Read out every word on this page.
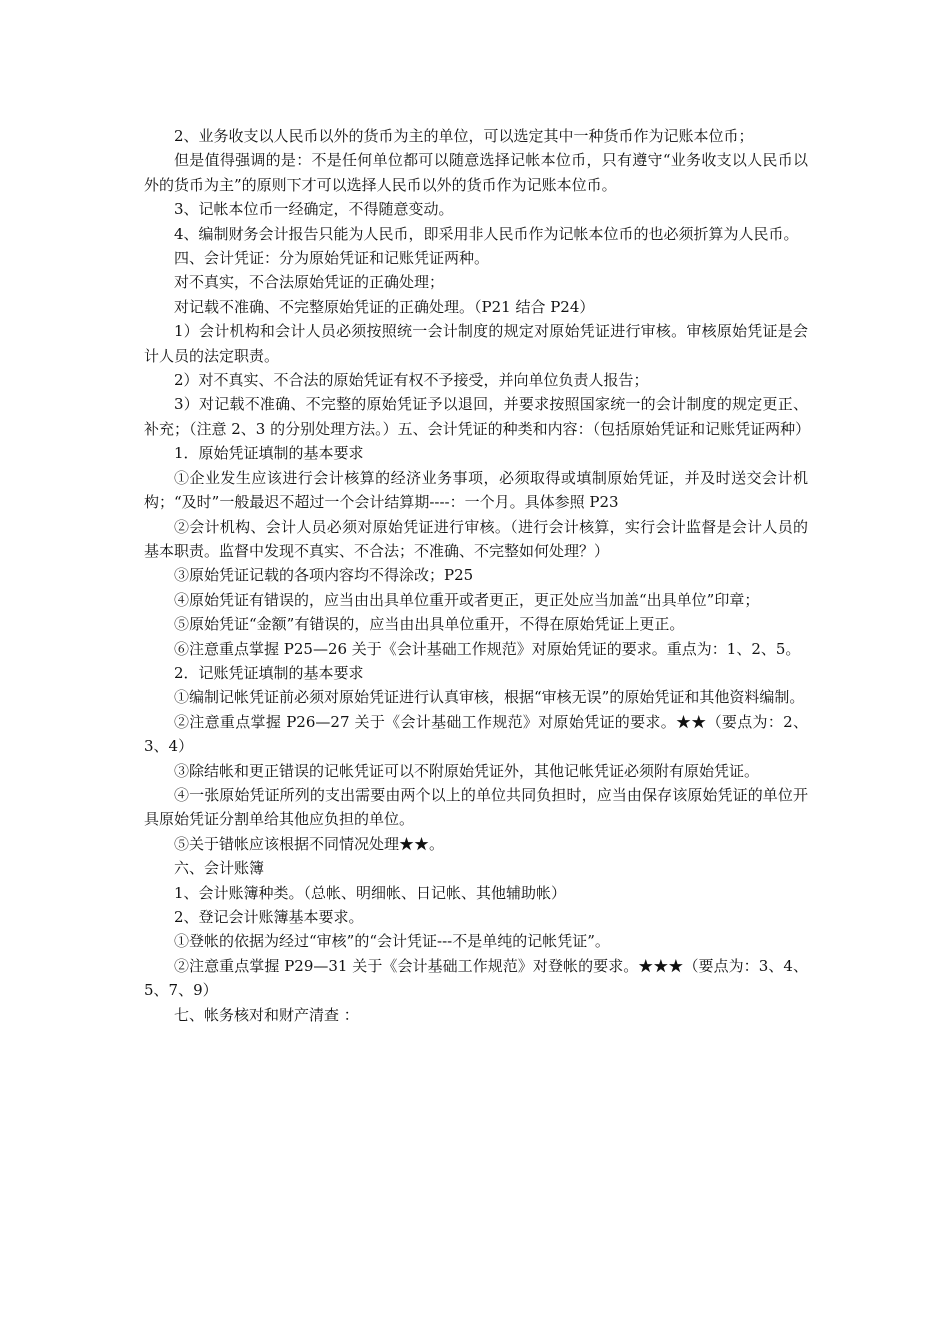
2、业务收支以人民币以外的货币为主的单位，可以选定其中一种货币作为记账本位币；

但是值得强调的是：不是任何单位都可以随意选择记帐本位币，只有遵守“业务收支以人民币以外的货币为主”的原则下才可以选择人民币以外的货币作为记账本位币。

3、记帐本位币一经确定，不得随意变动。

4、编制财务会计报告只能为人民币，即采用非人民币作为记帐本位币的也必须折算为人民币。

四、会计凭证：分为原始凭证和记账凭证两种。

对不真实，不合法原始凭证的正确处理；

对记载不准确、不完整原始凭证的正确处理。（P21 结合 P24）

1）会计机构和会计人员必须按照统一会计制度的规定对原始凭证进行审核。审核原始凭证是会计人员的法定职责。

2）对不真实、不合法的原始凭证有权不予接受，并向单位负责人报告；

3）对记载不准确、不完整的原始凭证予以退回，并要求按照国家统一的会计制度的规定更正、补充；（注意 2、3 的分别处理方法。）五、会计凭证的种类和内容：（包括原始凭证和记账凭证两种）

1．原始凭证填制的基本要求

①企业发生应该进行会计核算的经济业务事项，必须取得或填制原始凭证，并及时送交会计机构；“及时”一般最迟不超过一个会计结算期----：一个月。具体参照 P23

②会计机构、会计人员必须对原始凭证进行审核。（进行会计核算，实行会计监督是会计人员的基本职责。监督中发现不真实、不合法；不准确、不完整如何处理？）

③原始凭证记载的各项内容均不得涂改；P25

④原始凭证有错误的，应当由出具单位重开或者更正，更正处应当加盖“出具单位”印章；

⑤原始凭证“金额”有错误的，应当由出具单位重开，不得在原始凭证上更正。

⑥注意重点掌握 P25—26 关于《会计基础工作规范》对原始凭证的要求。重点为：1、2、5。

2．记账凭证填制的基本要求

①编制记帐凭证前必须对原始凭证进行认真审核，根据“审核无误”的原始凭证和其他资料编制。

②注意重点掌握 P26—27 关于《会计基础工作规范》对原始凭证的要求。★★（要点为：2、3、4）

③除结帐和更正错误的记帐凭证可以不附原始凭证外，其他记帐凭证必须附有原始凭证。

④一张原始凭证所列的支出需要由两个以上的单位共同负担时，应当由保存该原始凭证的单位开具原始凭证分割单给其他应负担的单位。

⑤关于错帐应该根据不同情况处理★★。

六、会计账簿

1、会计账簿种类。（总帐、明细帐、日记帐、其他辅助帐）

2、登记会计账簿基本要求。

①登帐的依据为经过“审核”的“会计凭证---不是单纯的记帐凭证”。

②注意重点掌握 P29—31 关于《会计基础工作规范》对登帐的要求。★★★（要点为：3、4、5、7、9）

七、帐务核对和财产清查 ：
